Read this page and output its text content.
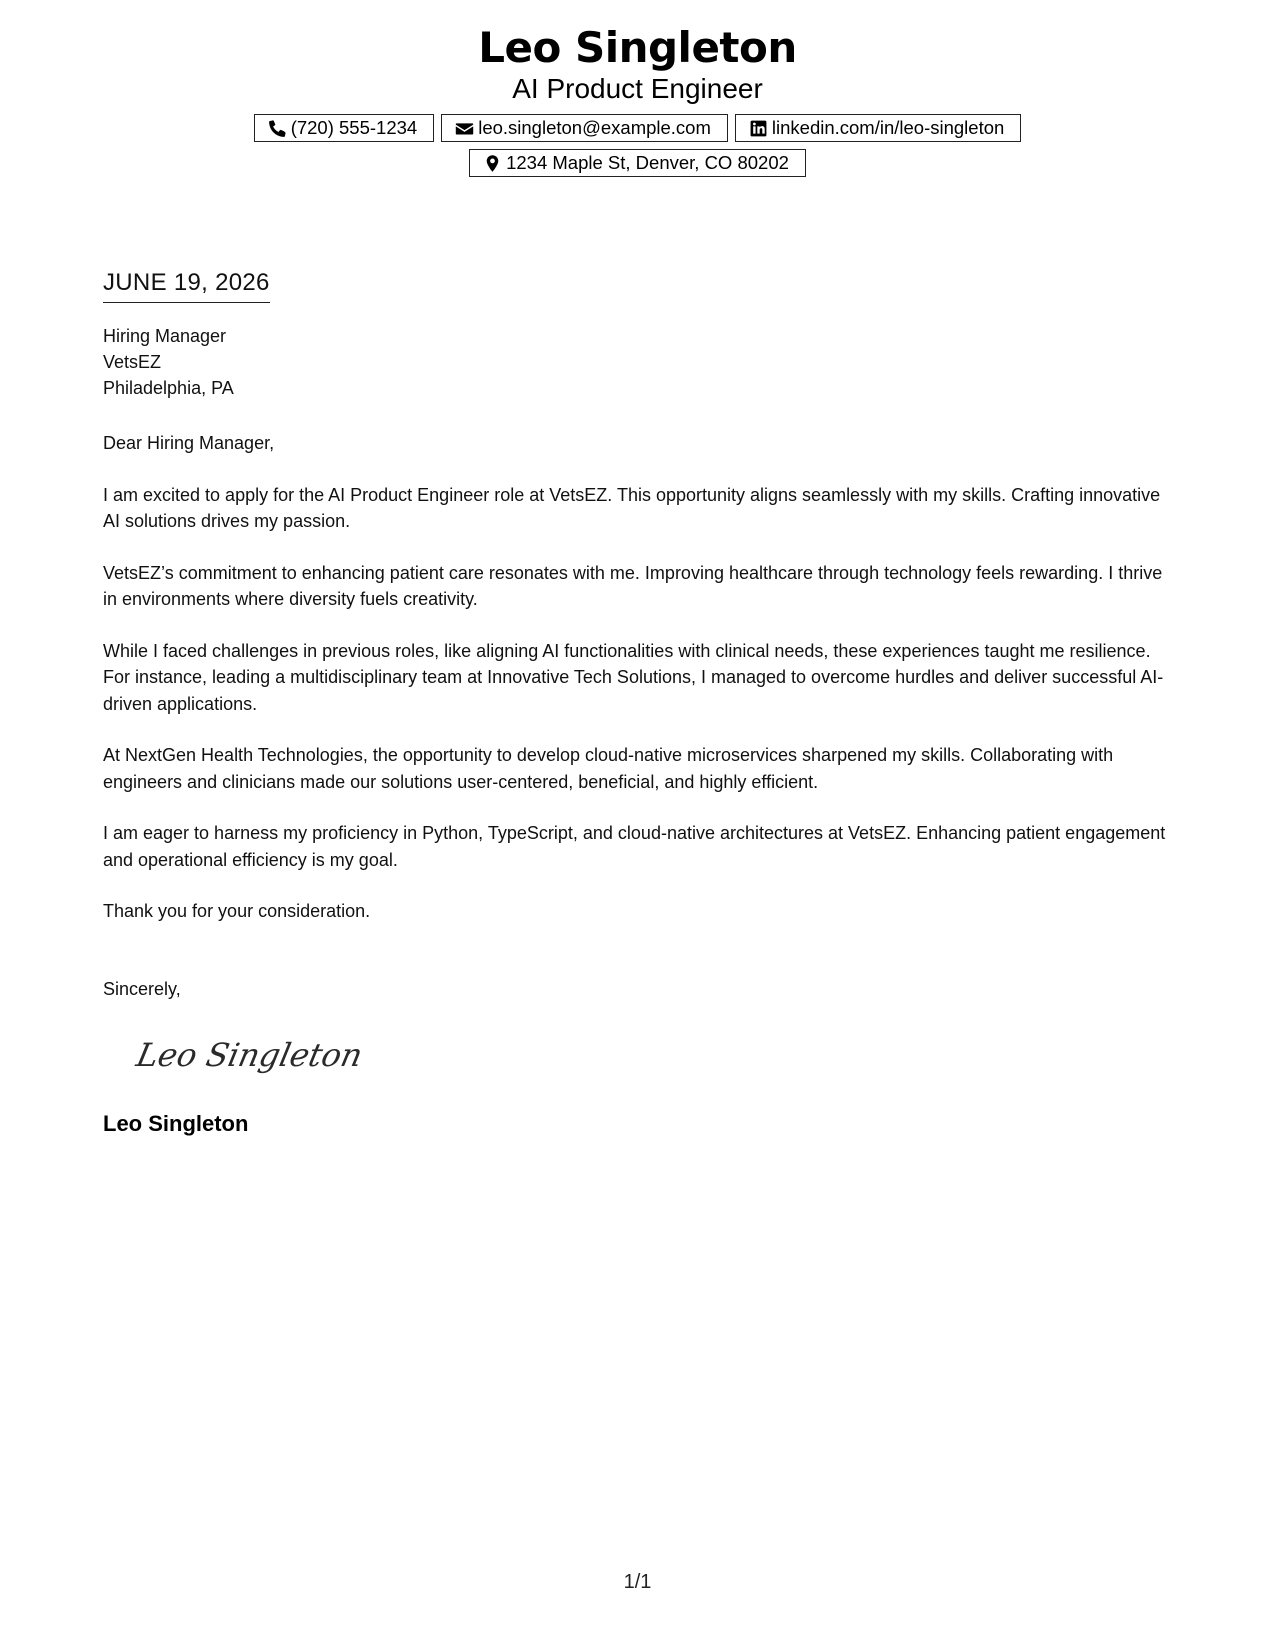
Leo Singleton
AI Product Engineer
(720) 555-1234	leo.singleton@example.com	linkedin.com/in/leo-singleton
1234 Maple St, Denver, CO 80202
JUNE 19, 2026
Hiring Manager
VetsEZ
Philadelphia, PA
Dear Hiring Manager,

I am excited to apply for the AI Product Engineer role at VetsEZ. This opportunity aligns seamlessly with my skills. Crafting innovative AI solutions drives my passion.

VetsEZ’s commitment to enhancing patient care resonates with me. Improving healthcare through technology feels rewarding. I thrive in environments where diversity fuels creativity.

While I faced challenges in previous roles, like aligning AI functionalities with clinical needs, these experiences taught me resilience. For instance, leading a multidisciplinary team at Innovative Tech Solutions, I managed to overcome hurdles and deliver successful AI-driven applications.

At NextGen Health Technologies, the opportunity to develop cloud-native microservices sharpened my skills. Collaborating with engineers and clinicians made our solutions user-centered, beneficial, and highly efficient.

I am eager to harness my proficiency in Python, TypeScript, and cloud-native architectures at VetsEZ. Enhancing patient engagement and operational efficiency is my goal.

Thank you for your consideration.

Sincerely,
Leo Singleton
Leo Singleton
1/1
